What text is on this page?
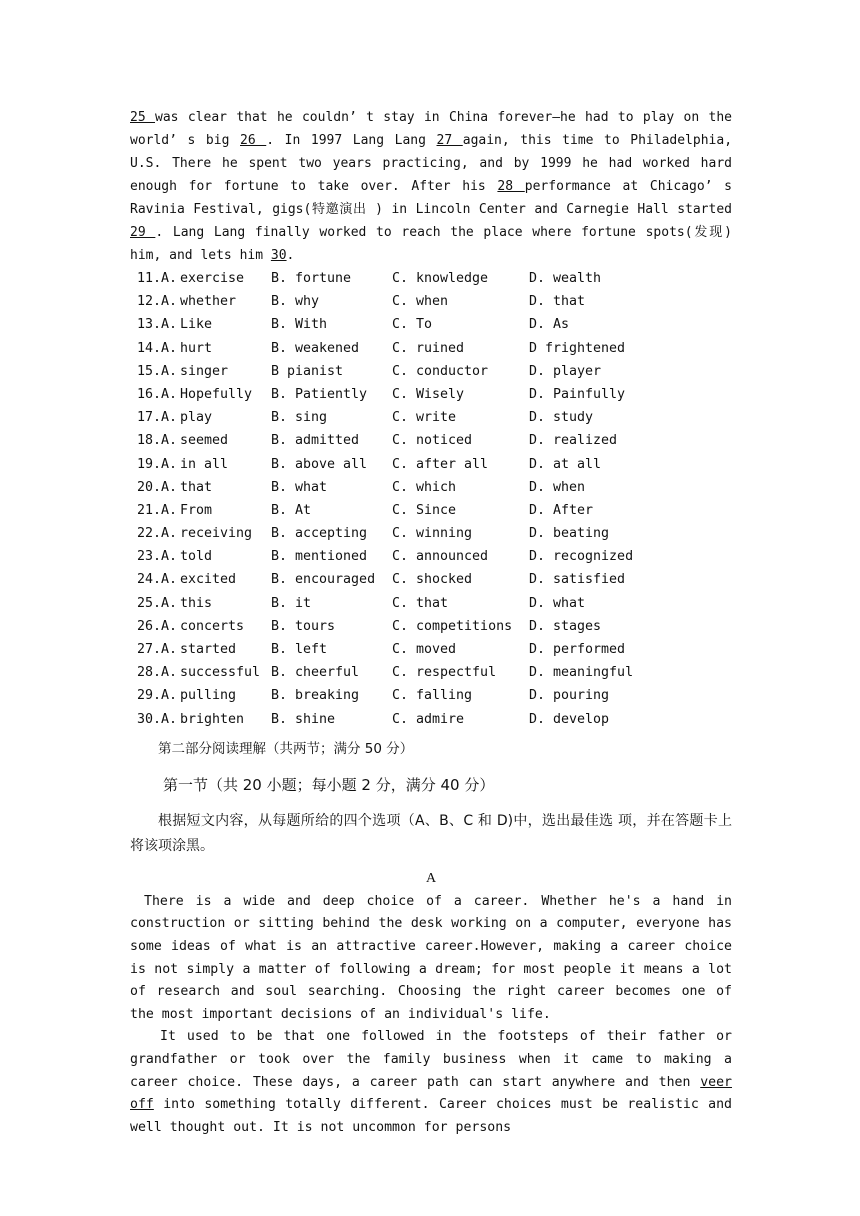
25 was clear that he couldn’ t stay in China forever—he had to play on the world’ s big 26 . In 1997 Lang Lang 27 again, this time to Philadelphia, U.S. There he spent two years practicing, and by 1999 he had worked hard enough for fortune to take over. After his 28 performance at Chicago’ s Ravinia Festival, gigs(特邀演出 ) in Lincoln Center and Carnegie Hall started 29 . Lang Lang finally worked to reach the place where fortune spots(发现) him, and lets him 30.

11.A. exercise	B. fortune	C. knowledge	D. wealth
12.A. whether	B. why	C. when	D. that
13.A. Like	B. With	C. To	D. As
14.A. hurt	B. weakened	C. ruined	D frightened
15.A. singer	B pianist	C. conductor	D. player
16.A. Hopefully	B. Patiently	C. Wisely	D. Painfully
17.A. play	B. sing	C. write	D. study
18.A. seemed	B. admitted	C. noticed	D. realized
19.A. in all	B. above all	C. after all	D. at all
20.A. that	B. what	C. which	D. when
21.A. From	B. At	C. Since	D. After
22.A. receiving	B. accepting	C. winning	D. beating
23.A. told	B. mentioned	C. announced	D. recognized
24.A. excited	B. encouraged	C. shocked	D. satisfied
25.A. this	B. it	C. that	D. what
26.A. concerts	B. tours	C. competitions	D. stages
27.A. started	B. left	C. moved	D. performed
28.A. successful B. cheerful	C. respectful	D. meaningful
29.A. pulling	B. breaking	C. falling	D. pouring
30.A. brighten	B. shine	C. admire	D. develop
第二部分阅读理解（共两节；满分 50 分）
第一节（共 20 小题；每小题 2 分，满分 40 分）
根据短文内容，从每题所给的四个选项（A、B、C 和 D)中，选出最佳选 项，并在答题卡上将该项涂黑。
A

There is a wide and deep choice of a career. Whether he's a hand in construction or sitting behind the desk working on a computer, everyone has some ideas of what is an attractive career.However, making a career choice is not simply a matter of following a dream; for most people it means a lot of research and soul searching. Choosing the right career becomes one of the most important decisions of an individual's life.

It used to be that one followed in the footsteps of their father or grandfather or took over the family business when it came to making a career choice. These days, a career path can start anywhere and then veer off into something totally different. Career choices must be realistic and well thought out. It is not uncommon for persons
